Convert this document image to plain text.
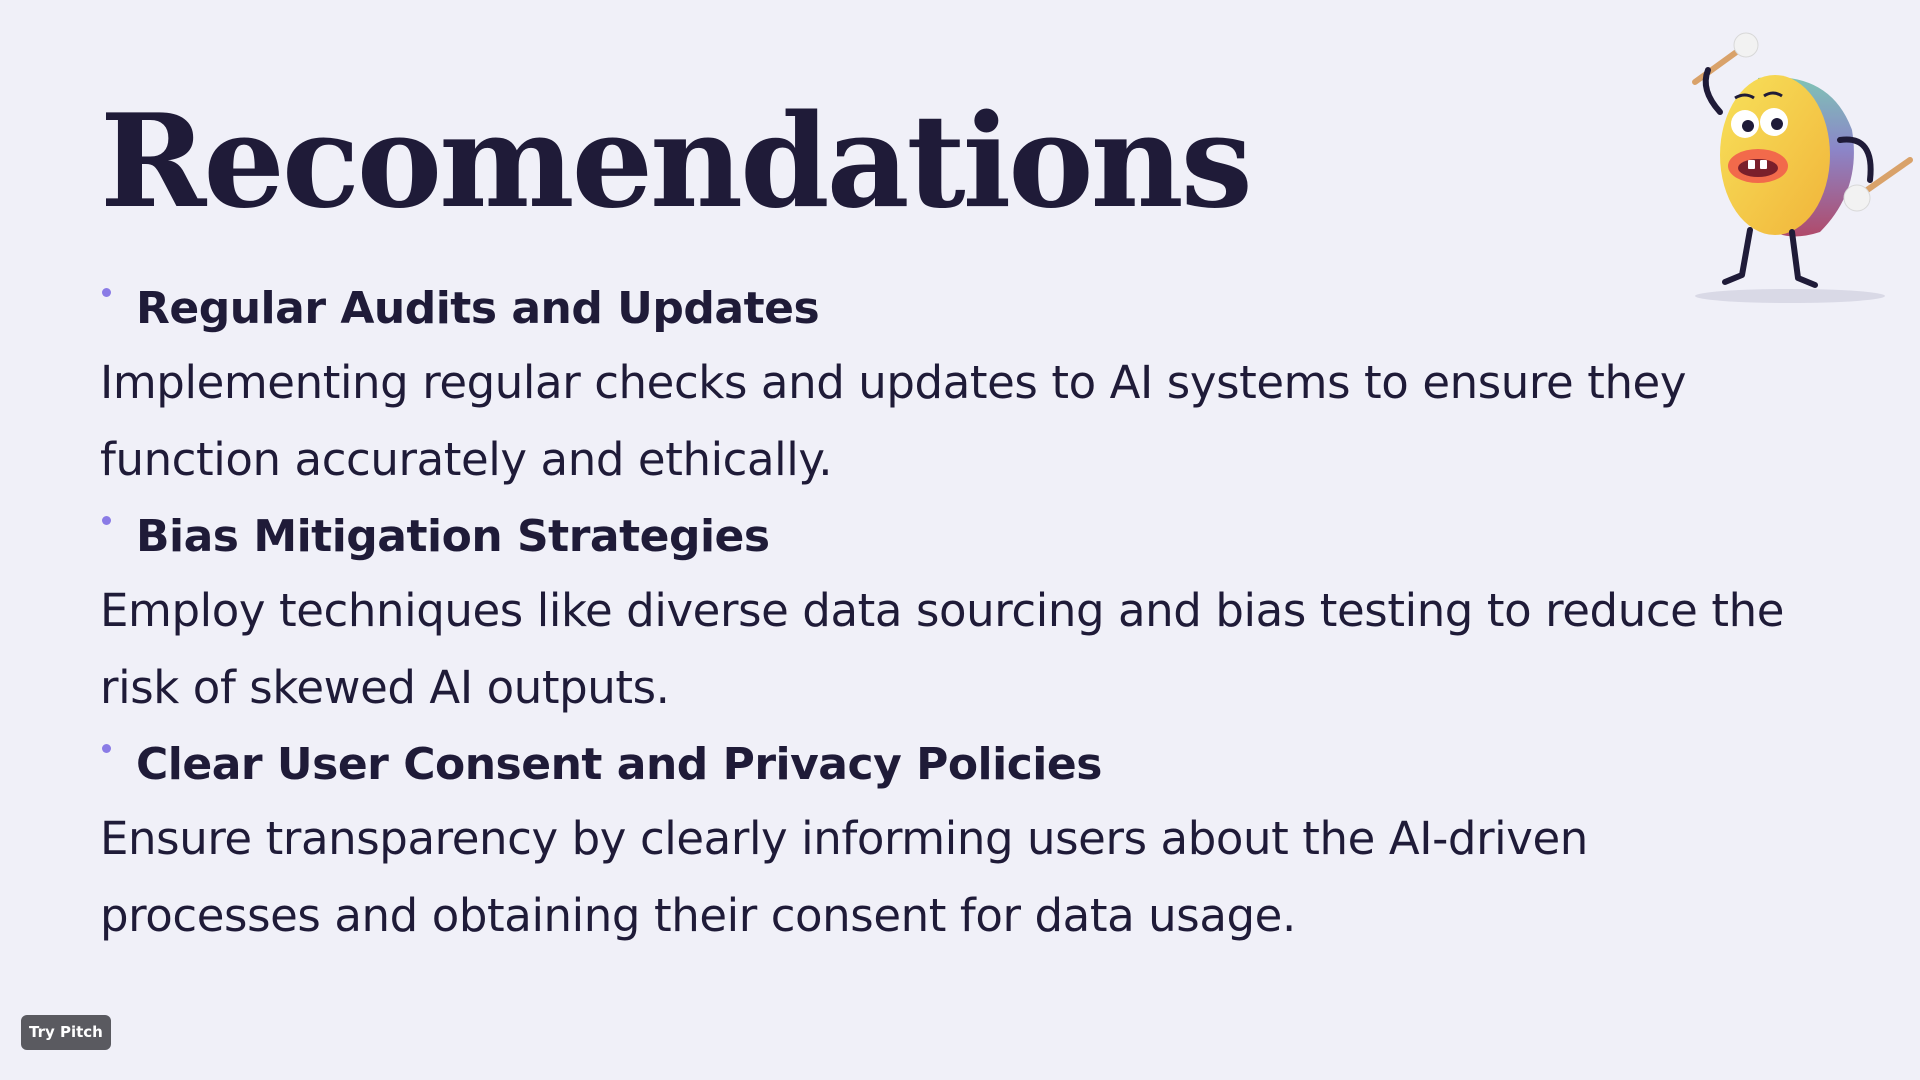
Recomendations

Regular Audits and Updates

Implementing regular checks and updates to AI systems to ensure they function accurately and ethically.

Bias Mitigation Strategies

Employ techniques like diverse data sourcing and bias testing to reduce the risk of skewed AI outputs.

Clear User Consent and Privacy Policies

Ensure transparency by clearly informing users about the AI-driven processes and obtaining their consent for data usage.

Try Pitch
